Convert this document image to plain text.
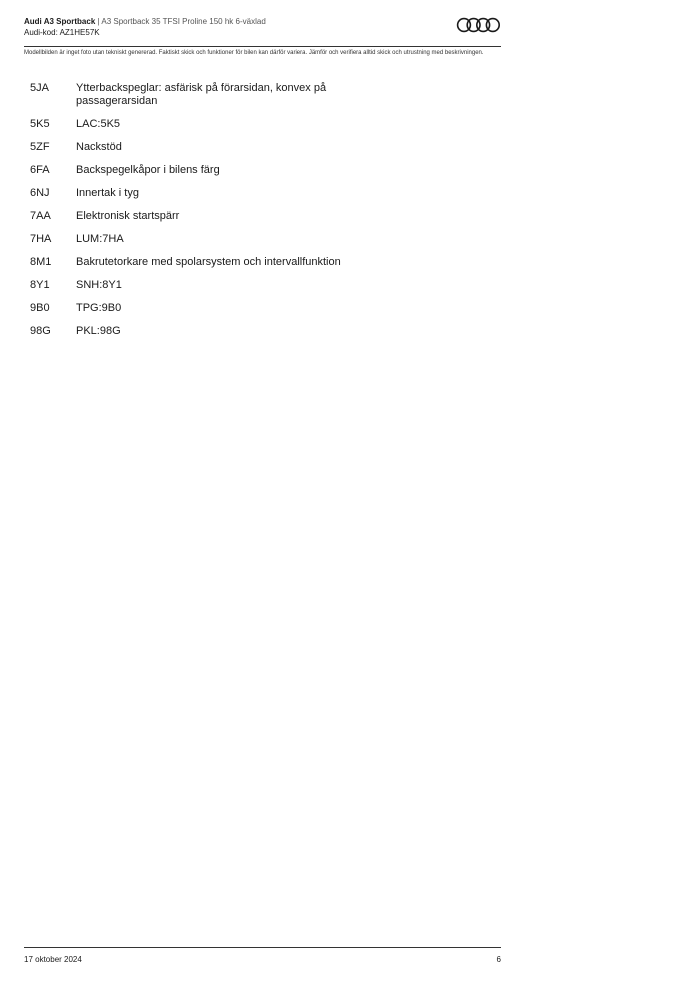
Audi A3 Sportback | A3 Sportback 35 TFSI Proline 150 hk 6-växlad
Audi-kod: AZ1HE57K
Modellbilden är inget foto utan tekniskt genererad. Faktiskt skick och funktioner för bilen kan därför variera. Jämför och verifiera alltid skick och utrustning med beskrivningen.
5JA	Ytterbackspeglar: asfärisk på förarsidan, konvex på passagerarsidan
5K5	LAC:5K5
5ZF	Nackstöd
6FA	Backspegelkåpor i bilens färg
6NJ	Innertak i tyg
7AA	Elektronisk startspärr
7HA	LUM:7HA
8M1	Bakrutetorkare med spolarsystem och intervallfunktion
8Y1	SNH:8Y1
9B0	TPG:9B0
98G	PKL:98G
17 oktober 2024	6
